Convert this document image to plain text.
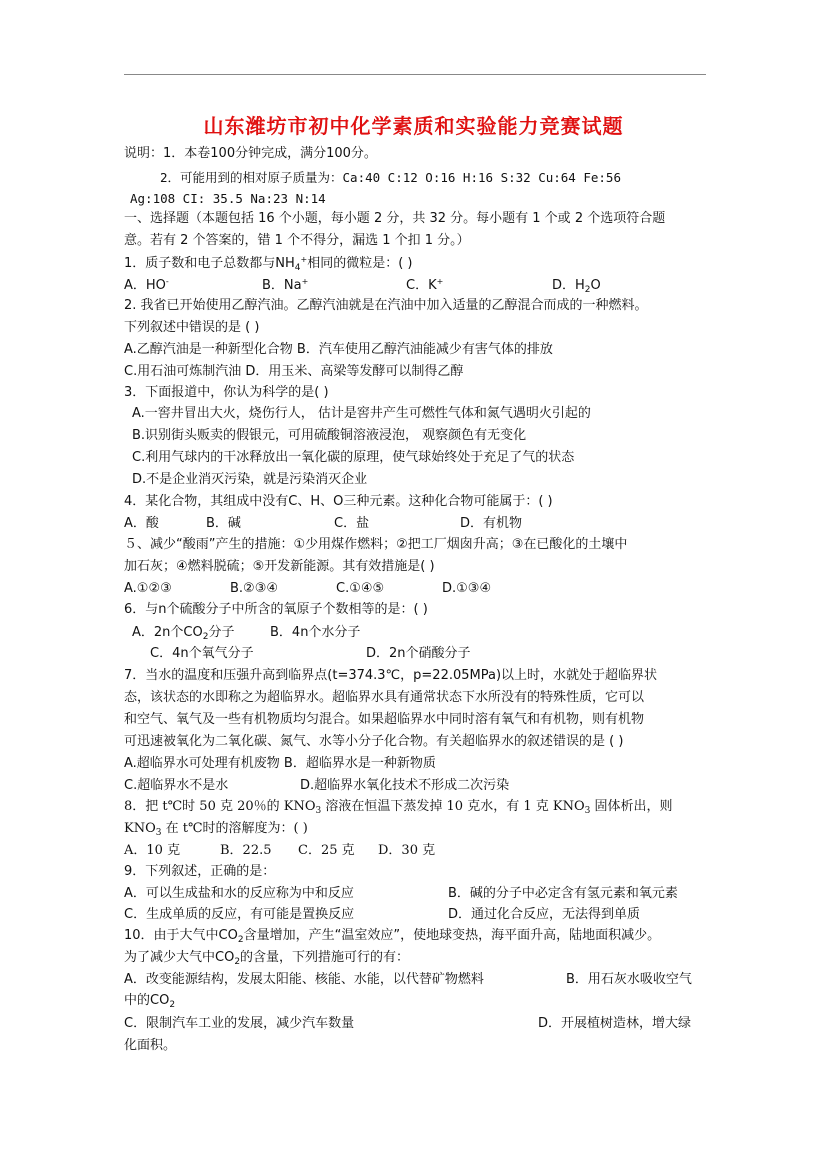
山东潍坊市初中化学素质和实验能力竞赛试题
说明：1．本卷100分钟完成，满分100分。
2．可能用到的相对原子质量为：Ca:40 C:12 O:16 H:16 S:32 Cu:64 Fe:56
Ag:108 CI: 35.5 Na:23 N:14
一、选择题（本题包括 16 个小题，每小题 2 分，共 32 分。每小题有 1 个或 2 个选项符合题
意。若有 2 个答案的，错 1 个不得分，漏选 1 个扣 1 分。）
1．质子数和电子总数都与$NH_4^+$相同的微粒是：( )
A．HO-	B．Na+	C．K+	D．$H_2O$
2. 我省已开始使用乙醇汽油。乙醇汽油就是在汽油中加入适量的乙醇混合而成的一种燃料。
下列叙述中错误的是 ( )
A.乙醇汽油是一种新型化合物 B．汽车使用乙醇汽油能减少有害气体的排放
C.用石油可炼制汽油 D．用玉米、高梁等发酵可以制得乙醇
3．下面报道中，你认为科学的是( )
A.一窖井冒出大火，烧伤行人， 估计是窖井产生可燃性气体和氮气遇明火引起的
B.识别街头贩卖的假银元，可用硫酸铜溶液浸泡， 观察颜色有无变化
C.利用气球内的干冰释放出一氧化碳的原理，使气球始终处于充足了气的状态
D.不是企业消灭污染，就是污染消灭企业
4．某化合物，其组成中没有C、H、O三种元素。这种化合物可能属于：( )
A．酸	B．碱	C．盐	D．有机物
５、减少“酸雨”产生的措施：①少用煤作燃料；②把工厂烟囱升高；③在已酸化的土壤中
加石灰；④燃料脱硫；⑤开发新能源。其有效措施是( )
A.①②③	B.②③④	C.①④⑤	D.①③④
6．与n个硫酸分子中所含的氧原子个数相等的是：( )
A．2n个$CO_2$分子	B．4n个水分子
C．4n个氧气分子	D．2n个硝酸分子
7．当水的温度和压强升高到临界点(t=374.3℃，p=22.05MPa)以上时，水就处于超临界状
态，该状态的水即称之为超临界水。超临界水具有通常状态下水所没有的特殊性质，它可以
和空气、氧气及一些有机物质均匀混合。如果超临界水中同时溶有氧气和有机物，则有机物
可迅速被氧化为二氧化碳、氮气、水等小分子化合物。有关超临界水的叙述错误的是 ( )
A.超临界水可处理有机废物 B．超临界水是一种新物质
C.超临界水不是水	D.超临界水氧化技术不形成二次污染
8．把 t℃时 50 克 20％的 $KNO_3$ 溶液在恒温下蒸发掉 10 克水，有 1 克 $KNO_3$ 固体析出，则
$KNO_3$ 在 t℃时的溶解度为：( )
A．10 克	B．22.5 C．25 克 D．30 克
9．下列叙述，正确的是：
A．可以生成盐和水的反应称为中和反应	B．碱的分子中必定含有氢元素和氧元素
C．生成单质的反应，有可能是置换反应	D．通过化合反应，无法得到单质
10．由于大气中$CO_2$含量增加，产生“温室效应”，使地球变热，海平面升高，陆地面积减少。
为了减少大气中$CO_2$的含量，下列措施可行的有：
A．改变能源结构，发展太阳能、核能、水能，以代替矿物燃料	B．用石灰水吸收空气
中的$CO_2$
C．限制汽车工业的发展，减少汽车数量	D．开展植树造林，增大绿
化面积。
